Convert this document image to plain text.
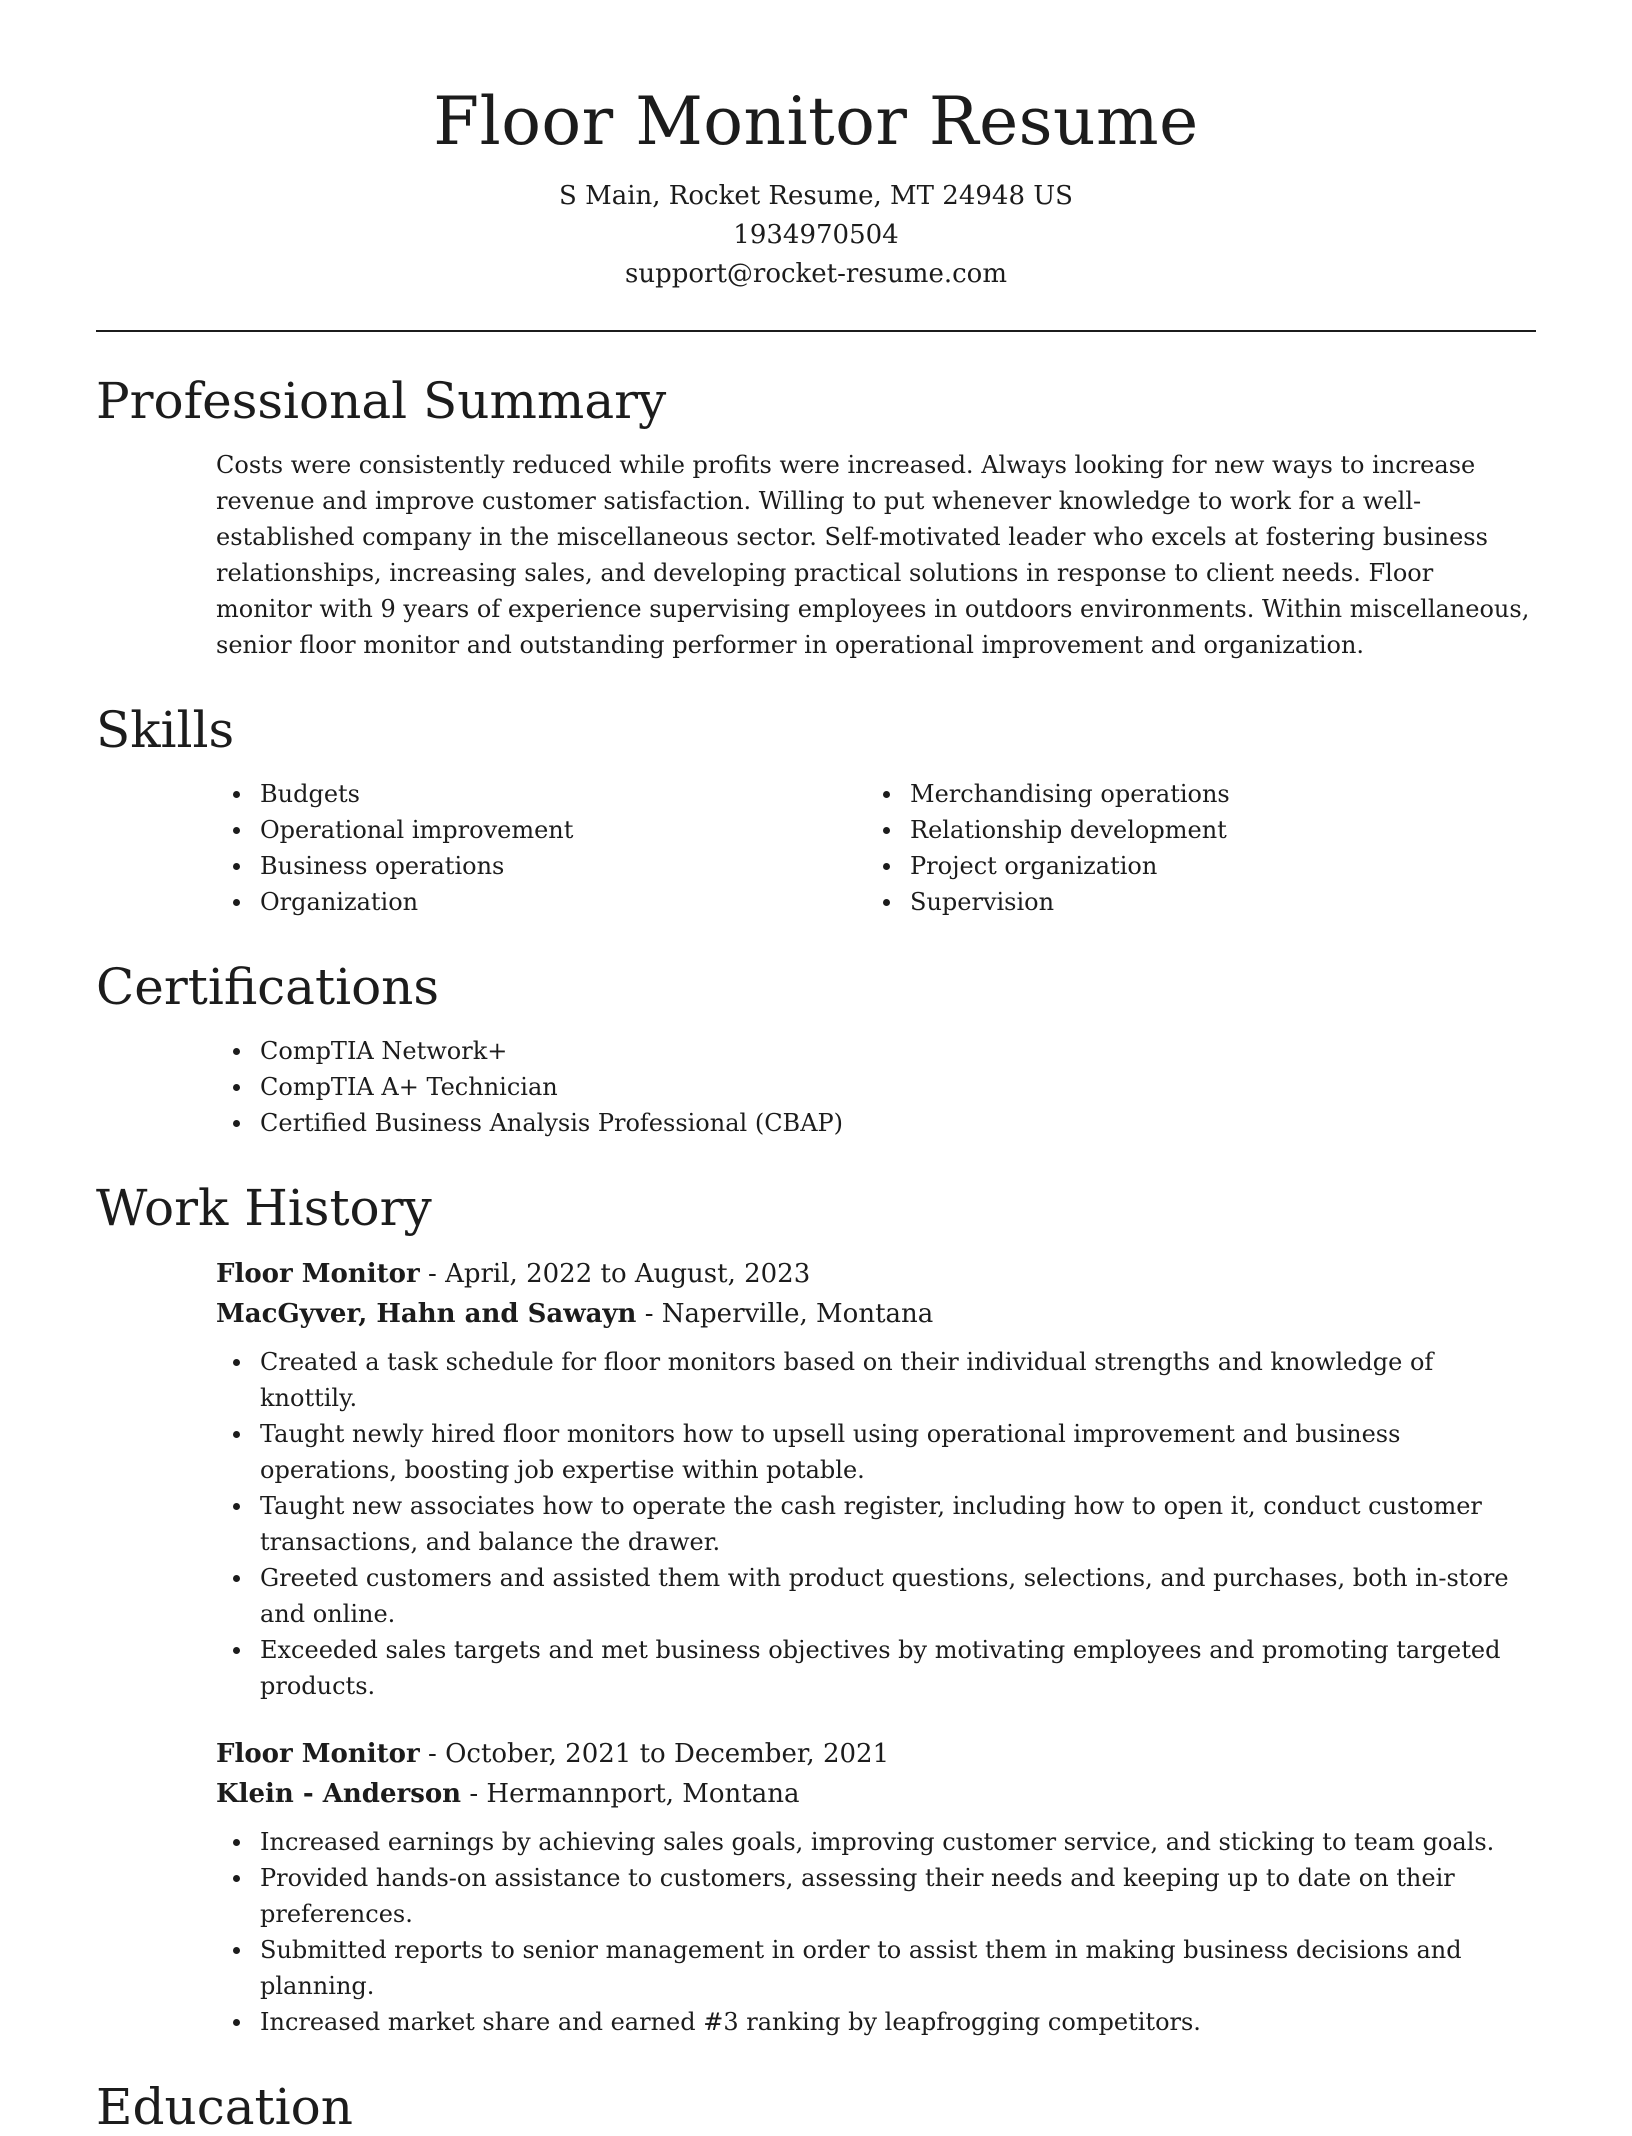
Floor Monitor Resume
S Main, Rocket Resume, MT 24948 US
1934970504
support@rocket-resume.com
Professional Summary
Costs were consistently reduced while profits were increased. Always looking for new ways to increase revenue and improve customer satisfaction. Willing to put whenever knowledge to work for a well-established company in the miscellaneous sector. Self-motivated leader who excels at fostering business relationships, increasing sales, and developing practical solutions in response to client needs. Floor monitor with 9 years of experience supervising employees in outdoors environments. Within miscellaneous, senior floor monitor and outstanding performer in operational improvement and organization.
Skills
Budgets
Operational improvement
Business operations
Organization
Merchandising operations
Relationship development
Project organization
Supervision
Certifications
CompTIA Network+
CompTIA A+ Technician
Certified Business Analysis Professional (CBAP)
Work History
Floor Monitor - April, 2022 to August, 2023
MacGyver, Hahn and Sawayn - Naperville, Montana
Created a task schedule for floor monitors based on their individual strengths and knowledge of knottily.
Taught newly hired floor monitors how to upsell using operational improvement and business operations, boosting job expertise within potable.
Taught new associates how to operate the cash register, including how to open it, conduct customer transactions, and balance the drawer.
Greeted customers and assisted them with product questions, selections, and purchases, both in-store and online.
Exceeded sales targets and met business objectives by motivating employees and promoting targeted products.
Floor Monitor - October, 2021 to December, 2021
Klein - Anderson - Hermannport, Montana
Increased earnings by achieving sales goals, improving customer service, and sticking to team goals.
Provided hands-on assistance to customers, assessing their needs and keeping up to date on their preferences.
Submitted reports to senior management in order to assist them in making business decisions and planning.
Increased market share and earned #3 ranking by leapfrogging competitors.
Education
